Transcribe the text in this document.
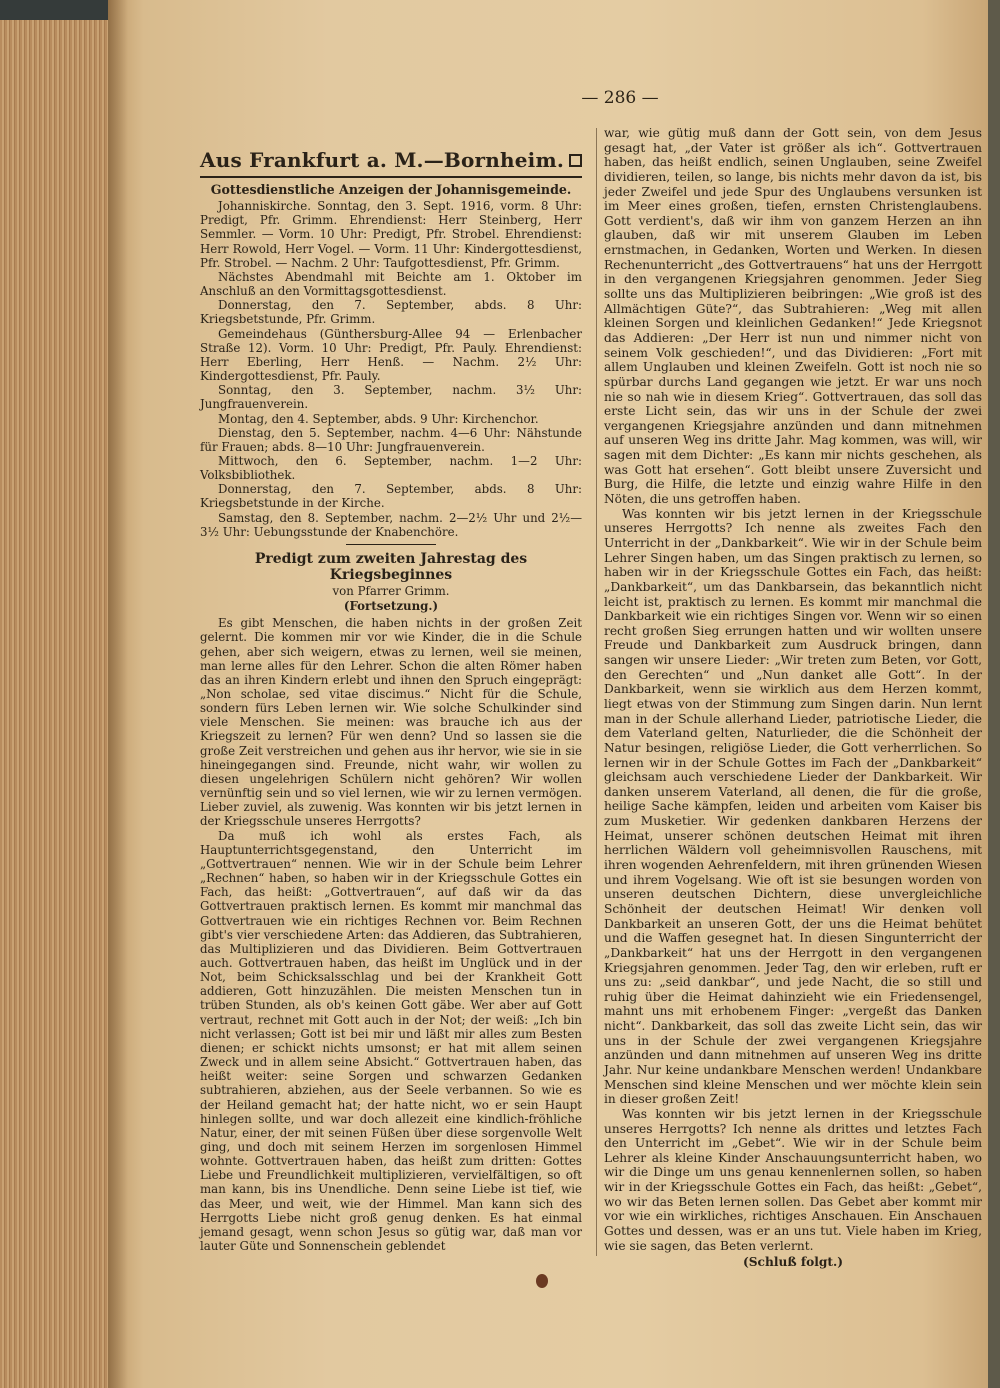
— 286 —
Aus Frankfurt a. M.—Bornheim.
Gottesdienstliche Anzeigen der Johannisgemeinde.

Johanniskirche. Sonntag, den 3. Sept. 1916, vorm. 8 Uhr: Predigt, Pfr. Grimm. Ehrendienst: Herr Steinberg, Herr Semmler. — Vorm. 10 Uhr: Predigt, Pfr. Strobel. Ehrendienst: Herr Rowold, Herr Vogel. — Vorm. 11 Uhr: Kindergottesdienst, Pfr. Strobel. — Nachm. 2 Uhr: Taufgottesdienst, Pfr. Grimm.

Nächstes Abendmahl mit Beichte am 1. Oktober im Anschluß an den Vormittagsgottesdienst.

Donnerstag, den 7. September, abds. 8 Uhr: Kriegsbetstunde, Pfr. Grimm.

Gemeindehaus (Günthersburg-Allee 94 — Erlenbacher Straße 12). Vorm. 10 Uhr: Predigt, Pfr. Pauly. Ehrendienst: Herr Eberling, Herr Henß. — Nachm. 2½ Uhr: Kindergottesdienst, Pfr. Pauly.

Sonntag, den 3. September, nachm. 3½ Uhr: Jungfrauenverein.

Montag, den 4. September, abds. 9 Uhr: Kirchenchor.

Dienstag, den 5. September, nachm. 4—6 Uhr: Nähstunde für Frauen; abds. 8—10 Uhr: Jungfrauenverein.

Mittwoch, den 6. September, nachm. 1—2 Uhr: Volksbibliothek.

Donnerstag, den 7. September, abds. 8 Uhr: Kriegsbetstunde in der Kirche.

Samstag, den 8. September, nachm. 2—2½ Uhr und 2½—3½ Uhr: Uebungsstunde der Knabenchöre.

Predigt zum zweiten Jahrestag des Kriegsbeginnes
von Pfarrer Grimm.
(Fortsetzung.)

Es gibt Menschen, die haben nichts in der großen Zeit gelernt. Die kommen mir vor wie Kinder, die in die Schule gehen, aber sich weigern, etwas zu lernen, weil sie meinen, man lerne alles für den Lehrer. Schon die alten Römer haben das an ihren Kindern erlebt und ihnen den Spruch eingeprägt: „Non scholae, sed vitae discimus.“ Nicht für die Schule, sondern fürs Leben lernen wir. Wie solche Schulkinder sind viele Menschen. Sie meinen: was brauche ich aus der Kriegszeit zu lernen? Für wen denn? Und so lassen sie die große Zeit verstreichen und gehen aus ihr hervor, wie sie in sie hineingegangen sind. Freunde, nicht wahr, wir wollen zu diesen ungelehrigen Schülern nicht gehören? Wir wollen vernünftig sein und so viel lernen, wie wir zu lernen vermögen. Lieber zuviel, als zuwenig. Was konnten wir bis jetzt lernen in der Kriegsschule unseres Herrgotts?

Da muß ich wohl als erstes Fach, als Hauptunterrichtsgegenstand, den Unterricht im „Gottvertrauen“ nennen. Wie wir in der Schule beim Lehrer „Rechnen“ haben, so haben wir in der Kriegsschule Gottes ein Fach, das heißt: „Gottvertrauen“, auf daß wir da das Gottvertrauen praktisch lernen. Es kommt mir manchmal das Gottvertrauen wie ein richtiges Rechnen vor. Beim Rechnen gibt's vier verschiedene Arten: das Addieren, das Subtrahieren, das Multiplizieren und das Dividieren. Beim Gottvertrauen auch. Gottvertrauen haben, das heißt im Unglück und in der Not, beim Schicksalsschlag und bei der Krankheit Gott addieren, Gott hinzuzählen. Die meisten Menschen tun in trüben Stunden, als ob's keinen Gott gäbe. Wer aber auf Gott vertraut, rechnet mit Gott auch in der Not; der weiß: „Ich bin nicht verlassen; Gott ist bei mir und läßt mir alles zum Besten dienen; er schickt nichts umsonst; er hat mit allem seinen Zweck und in allem seine Absicht.“ Gottvertrauen haben, das heißt weiter: seine Sorgen und schwarzen Gedanken subtrahieren, abziehen, aus der Seele verbannen. So wie es der Heiland gemacht hat; der hatte nicht, wo er sein Haupt hinlegen sollte, und war doch allezeit eine kindlich-fröhliche Natur, einer, der mit seinen Füßen über diese sorgenvolle Welt ging, und doch mit seinem Herzen im sorgenlosen Himmel wohnte. Gottvertrauen haben, das heißt zum dritten: Gottes Liebe und Freundlichkeit multiplizieren, vervielfältigen, so oft man kann, bis ins Unendliche. Denn seine Liebe ist tief, wie das Meer, und weit, wie der Himmel. Man kann sich des Herrgotts Liebe nicht groß genug denken. Es hat einmal jemand gesagt, wenn schon Jesus so gütig war, daß man vor lauter Güte und Sonnenschein geblendet

war, wie gütig muß dann der Gott sein, von dem Jesus gesagt hat, „der Vater ist größer als ich“. Gottvertrauen haben, das heißt endlich, seinen Unglauben, seine Zweifel dividieren, teilen, so lange, bis nichts mehr davon da ist, bis jeder Zweifel und jede Spur des Unglaubens versunken ist im Meer eines großen, tiefen, ernsten Christenglaubens. Gott verdient's, daß wir ihm von ganzem Herzen an ihn glauben, daß wir mit unserem Glauben im Leben ernstmachen, in Gedanken, Worten und Werken. In diesen Rechenunterricht „des Gottvertrauens“ hat uns der Herrgott in den vergangenen Kriegsjahren genommen. Jeder Sieg sollte uns das Multiplizieren beibringen: „Wie groß ist des Allmächtigen Güte?“, das Subtrahieren: „Weg mit allen kleinen Sorgen und kleinlichen Gedanken!“ Jede Kriegsnot das Addieren: „Der Herr ist nun und nimmer nicht von seinem Volk geschieden!“, und das Dividieren: „Fort mit allem Unglauben und kleinen Zweifeln. Gott ist noch nie so spürbar durchs Land gegangen wie jetzt. Er war uns noch nie so nah wie in diesem Krieg“. Gottvertrauen, das soll das erste Licht sein, das wir uns in der Schule der zwei vergangenen Kriegsjahre anzünden und dann mitnehmen auf unseren Weg ins dritte Jahr. Mag kommen, was will, wir sagen mit dem Dichter: „Es kann mir nichts geschehen, als was Gott hat ersehen“. Gott bleibt unsere Zuversicht und Burg, die Hilfe, die letzte und einzig wahre Hilfe in den Nöten, die uns getroffen haben.

Was konnten wir bis jetzt lernen in der Kriegsschule unseres Herrgotts? Ich nenne als zweites Fach den Unterricht in der „Dankbarkeit“. Wie wir in der Schule beim Lehrer Singen haben, um das Singen praktisch zu lernen, so haben wir in der Kriegsschule Gottes ein Fach, das heißt: „Dankbarkeit“, um das Dankbarsein, das bekanntlich nicht leicht ist, praktisch zu lernen. Es kommt mir manchmal die Dankbarkeit wie ein richtiges Singen vor. Wenn wir so einen recht großen Sieg errungen hatten und wir wollten unsere Freude und Dankbarkeit zum Ausdruck bringen, dann sangen wir unsere Lieder: „Wir treten zum Beten, vor Gott, den Gerechten“ und „Nun danket alle Gott“. In der Dankbarkeit, wenn sie wirklich aus dem Herzen kommt, liegt etwas von der Stimmung zum Singen darin. Nun lernt man in der Schule allerhand Lieder, patriotische Lieder, die dem Vaterland gelten, Naturlieder, die die Schönheit der Natur besingen, religiöse Lieder, die Gott verherrlichen. So lernen wir in der Schule Gottes im Fach der „Dankbarkeit“ gleichsam auch verschiedene Lieder der Dankbarkeit. Wir danken unserem Vaterland, all denen, die für die große, heilige Sache kämpfen, leiden und arbeiten vom Kaiser bis zum Musketier. Wir gedenken dankbaren Herzens der Heimat, unserer schönen deutschen Heimat mit ihren herrlichen Wäldern voll geheimnisvollen Rauschens, mit ihren wogenden Aehrenfeldern, mit ihren grünenden Wiesen und ihrem Vogelsang. Wie oft ist sie besungen worden von unseren deutschen Dichtern, diese unvergleichliche Schönheit der deutschen Heimat! Wir denken voll Dankbarkeit an unseren Gott, der uns die Heimat behütet und die Waffen gesegnet hat. In diesen Singunterricht der „Dankbarkeit“ hat uns der Herrgott in den vergangenen Kriegsjahren genommen. Jeder Tag, den wir erleben, ruft er uns zu: „seid dankbar“, und jede Nacht, die so still und ruhig über die Heimat dahinzieht wie ein Friedensengel, mahnt uns mit erhobenem Finger: „vergeßt das Danken nicht“. Dankbarkeit, das soll das zweite Licht sein, das wir uns in der Schule der zwei vergangenen Kriegsjahre anzünden und dann mitnehmen auf unseren Weg ins dritte Jahr. Nur keine undankbare Menschen werden! Undankbare Menschen sind kleine Menschen und wer möchte klein sein in dieser großen Zeit!

Was konnten wir bis jetzt lernen in der Kriegsschule unseres Herrgotts? Ich nenne als drittes und letztes Fach den Unterricht im „Gebet“. Wie wir in der Schule beim Lehrer als kleine Kinder Anschauungsunterricht haben, wo wir die Dinge um uns genau kennenlernen sollen, so haben wir in der Kriegsschule Gottes ein Fach, das heißt: „Gebet“, wo wir das Beten lernen sollen. Das Gebet aber kommt mir vor wie ein wirkliches, richtiges Anschauen. Ein Anschauen Gottes und dessen, was er an uns tut. Viele haben im Krieg, wie sie sagen, das Beten verlernt.

(Schluß folgt.)
